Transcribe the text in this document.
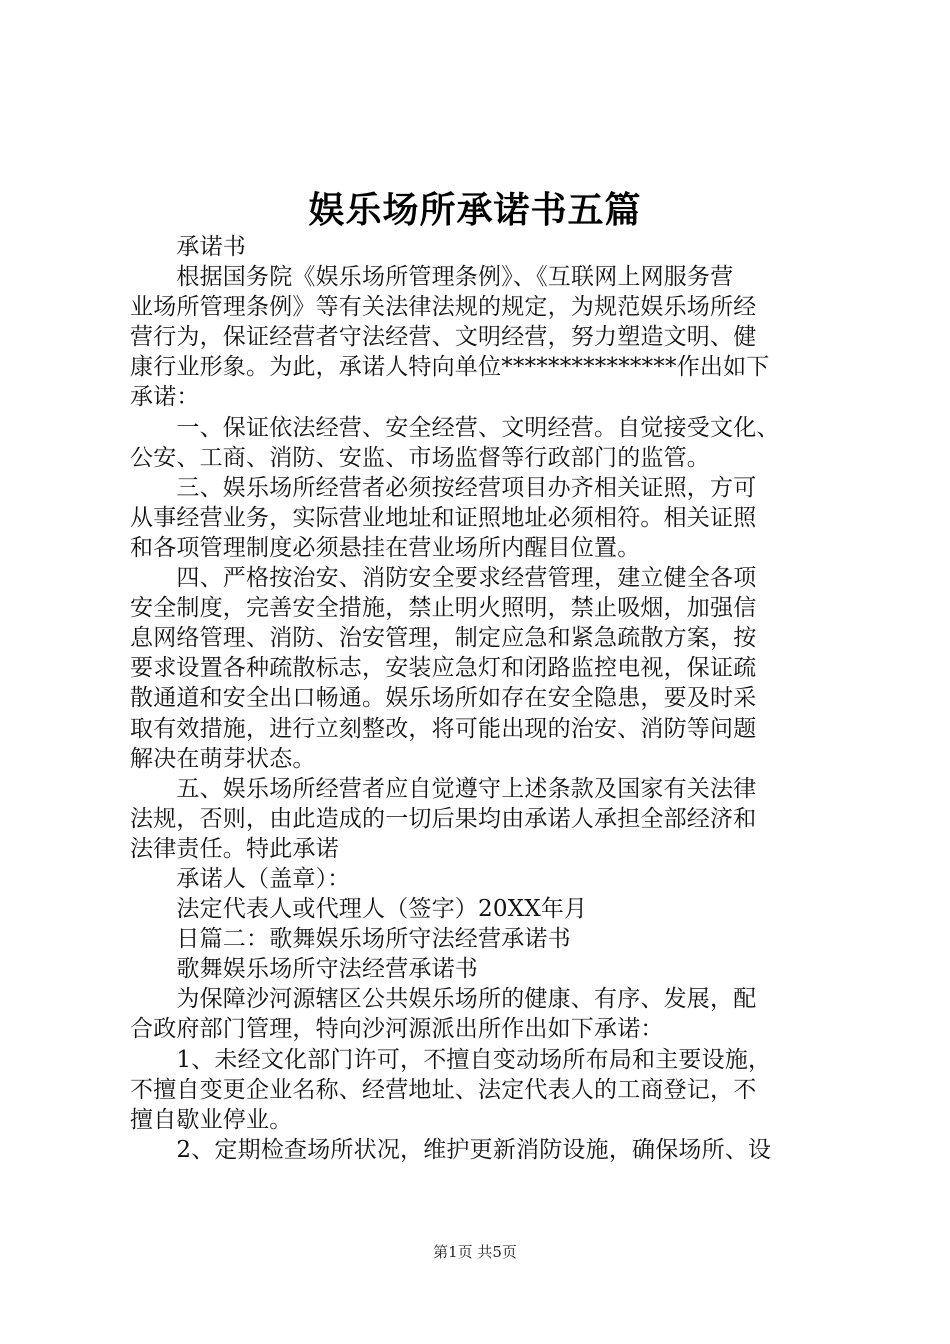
娱乐场所承诺书五篇
　　承诺书
　　根据国务院《娱乐场所管理条例》、《互联网上网服务营
业场所管理条例》等有关法律法规的规定，为规范娱乐场所经
营行为，保证经营者守法经营、文明经营，努力塑造文明、健
康行业形象。为此，承诺人特向单位***************作出如下
承诺：
　　一、保证依法经营、安全经营、文明经营。自觉接受文化、
公安、工商、消防、安监、市场监督等行政部门的监管。
　　三、娱乐场所经营者必须按经营项目办齐相关证照，方可
从事经营业务，实际营业地址和证照地址必须相符。相关证照
和各项管理制度必须悬挂在营业场所内醒目位置。
　　四、严格按治安、消防安全要求经营管理，建立健全各项
安全制度，完善安全措施，禁止明火照明，禁止吸烟，加强信
息网络管理、消防、治安管理，制定应急和紧急疏散方案，按
要求设置各种疏散标志，安装应急灯和闭路监控电视，保证疏
散通道和安全出口畅通。娱乐场所如存在安全隐患，要及时采
取有效措施，进行立刻整改，将可能出现的治安、消防等问题
解决在萌芽状态。
　　五、娱乐场所经营者应自觉遵守上述条款及国家有关法律
法规，否则，由此造成的一切后果均由承诺人承担全部经济和
法律责任。特此承诺
　　承诺人（盖章）：
　　法定代表人或代理人（签字）20XX年月
　　日篇二：歌舞娱乐场所守法经营承诺书
　　歌舞娱乐场所守法经营承诺书
　　为保障沙河源辖区公共娱乐场所的健康、有序、发展，配
合政府部门管理，特向沙河源派出所作出如下承诺：
　　1、未经文化部门许可，不擅自变动场所布局和主要设施，
不擅自变更企业名称、经营地址、法定代表人的工商登记，不
擅自歇业停业。
　　2、定期检查场所状况，维护更新消防设施，确保场所、设
第1页 共5页
